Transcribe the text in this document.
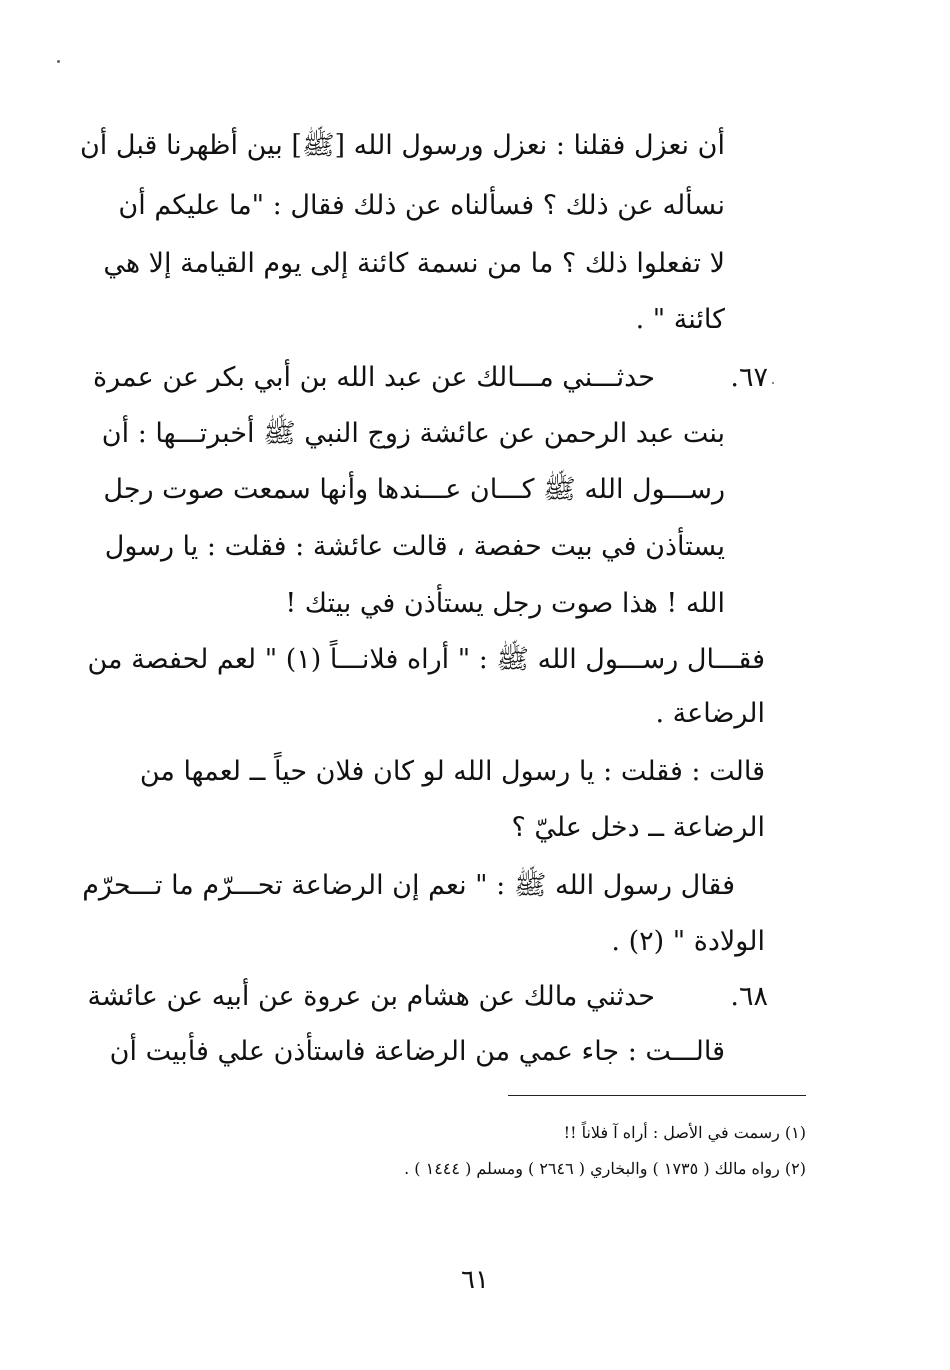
أن نعزل فقلنا : نعزل ورسول الله [ﷺ] بين أظهرنا قبل أن
نسأله عن ذلك ؟ فسألناه عن ذلك فقال : "ما عليكم أن
لا تفعلوا ذلك ؟ ما من نسمة كائنة إلى يوم القيامة إلا هي
كائنة " .
٦٧.
حدثـــني مـــالك عن عبد الله بن أبي بكر عن عمرة
بنت عبد الرحمن عن عائشة زوج النبي ﷺ أخبرتـــها : أن
رســـول الله ﷺ كـــان عـــندها وأنها سمعت صوت رجل
يستأذن في بيت حفصة ، قالت عائشة : فقلت : يا رسول
الله ! هذا صوت رجل يستأذن في بيتك !
فقـــال رســـول الله ﷺ : " أراه فلانـــاً (١) " لعم لحفصة من
الرضاعة .
قالت : فقلت : يا رسول الله لو كان فلان حياً ــ لعمها من
الرضاعة ــ دخل عليّ ؟
فقال رسول الله ﷺ : " نعم إن الرضاعة تحـــرّم ما تـــحرّم
الولادة " (٢) .
٦٨.
حدثني مالك عن هشام بن عروة عن أبيه عن عائشة
قالـــت : جاء عمي من الرضاعة فاستأذن علي فأبيت أن
(١) رسمت في الأصل : أراه آ فلاناً !!
(٢) رواه مالك ( ١٧٣٥ ) والبخاري ( ٢٦٤٦ ) ومسلم ( ١٤٤٤ ) .
٦١
